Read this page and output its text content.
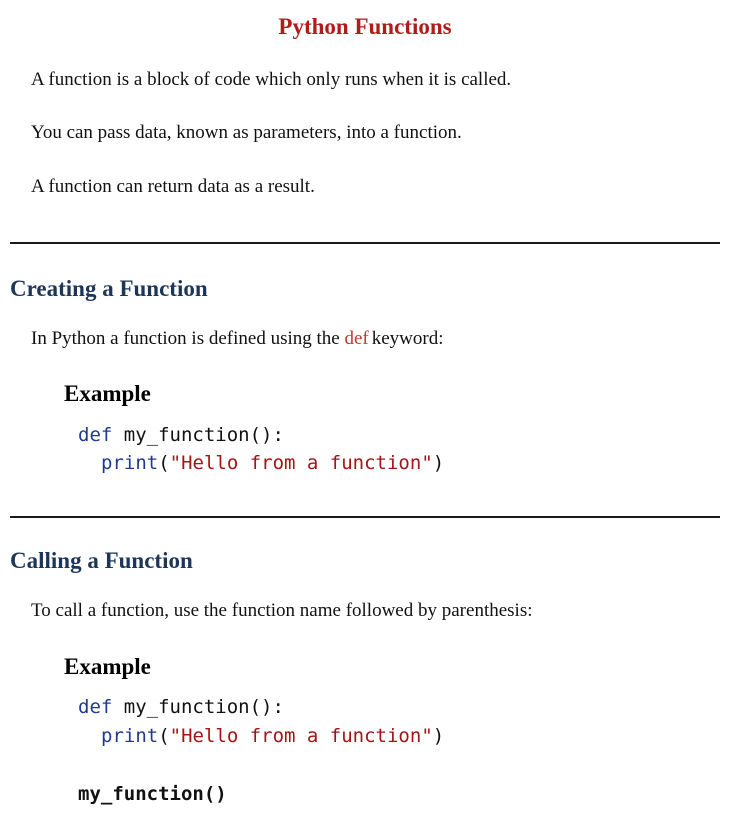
Python Functions

A function is a block of code which only runs when it is called.

You can pass data, known as parameters, into a function.

A function can return data as a result.

Creating a Function

In Python a function is defined using the def keyword:

Example
def my_function():
print("Hello from a function")
Calling a Function

To call a function, use the function name followed by parenthesis:

Example
def my_function():
print("Hello from a function")
my_function()
